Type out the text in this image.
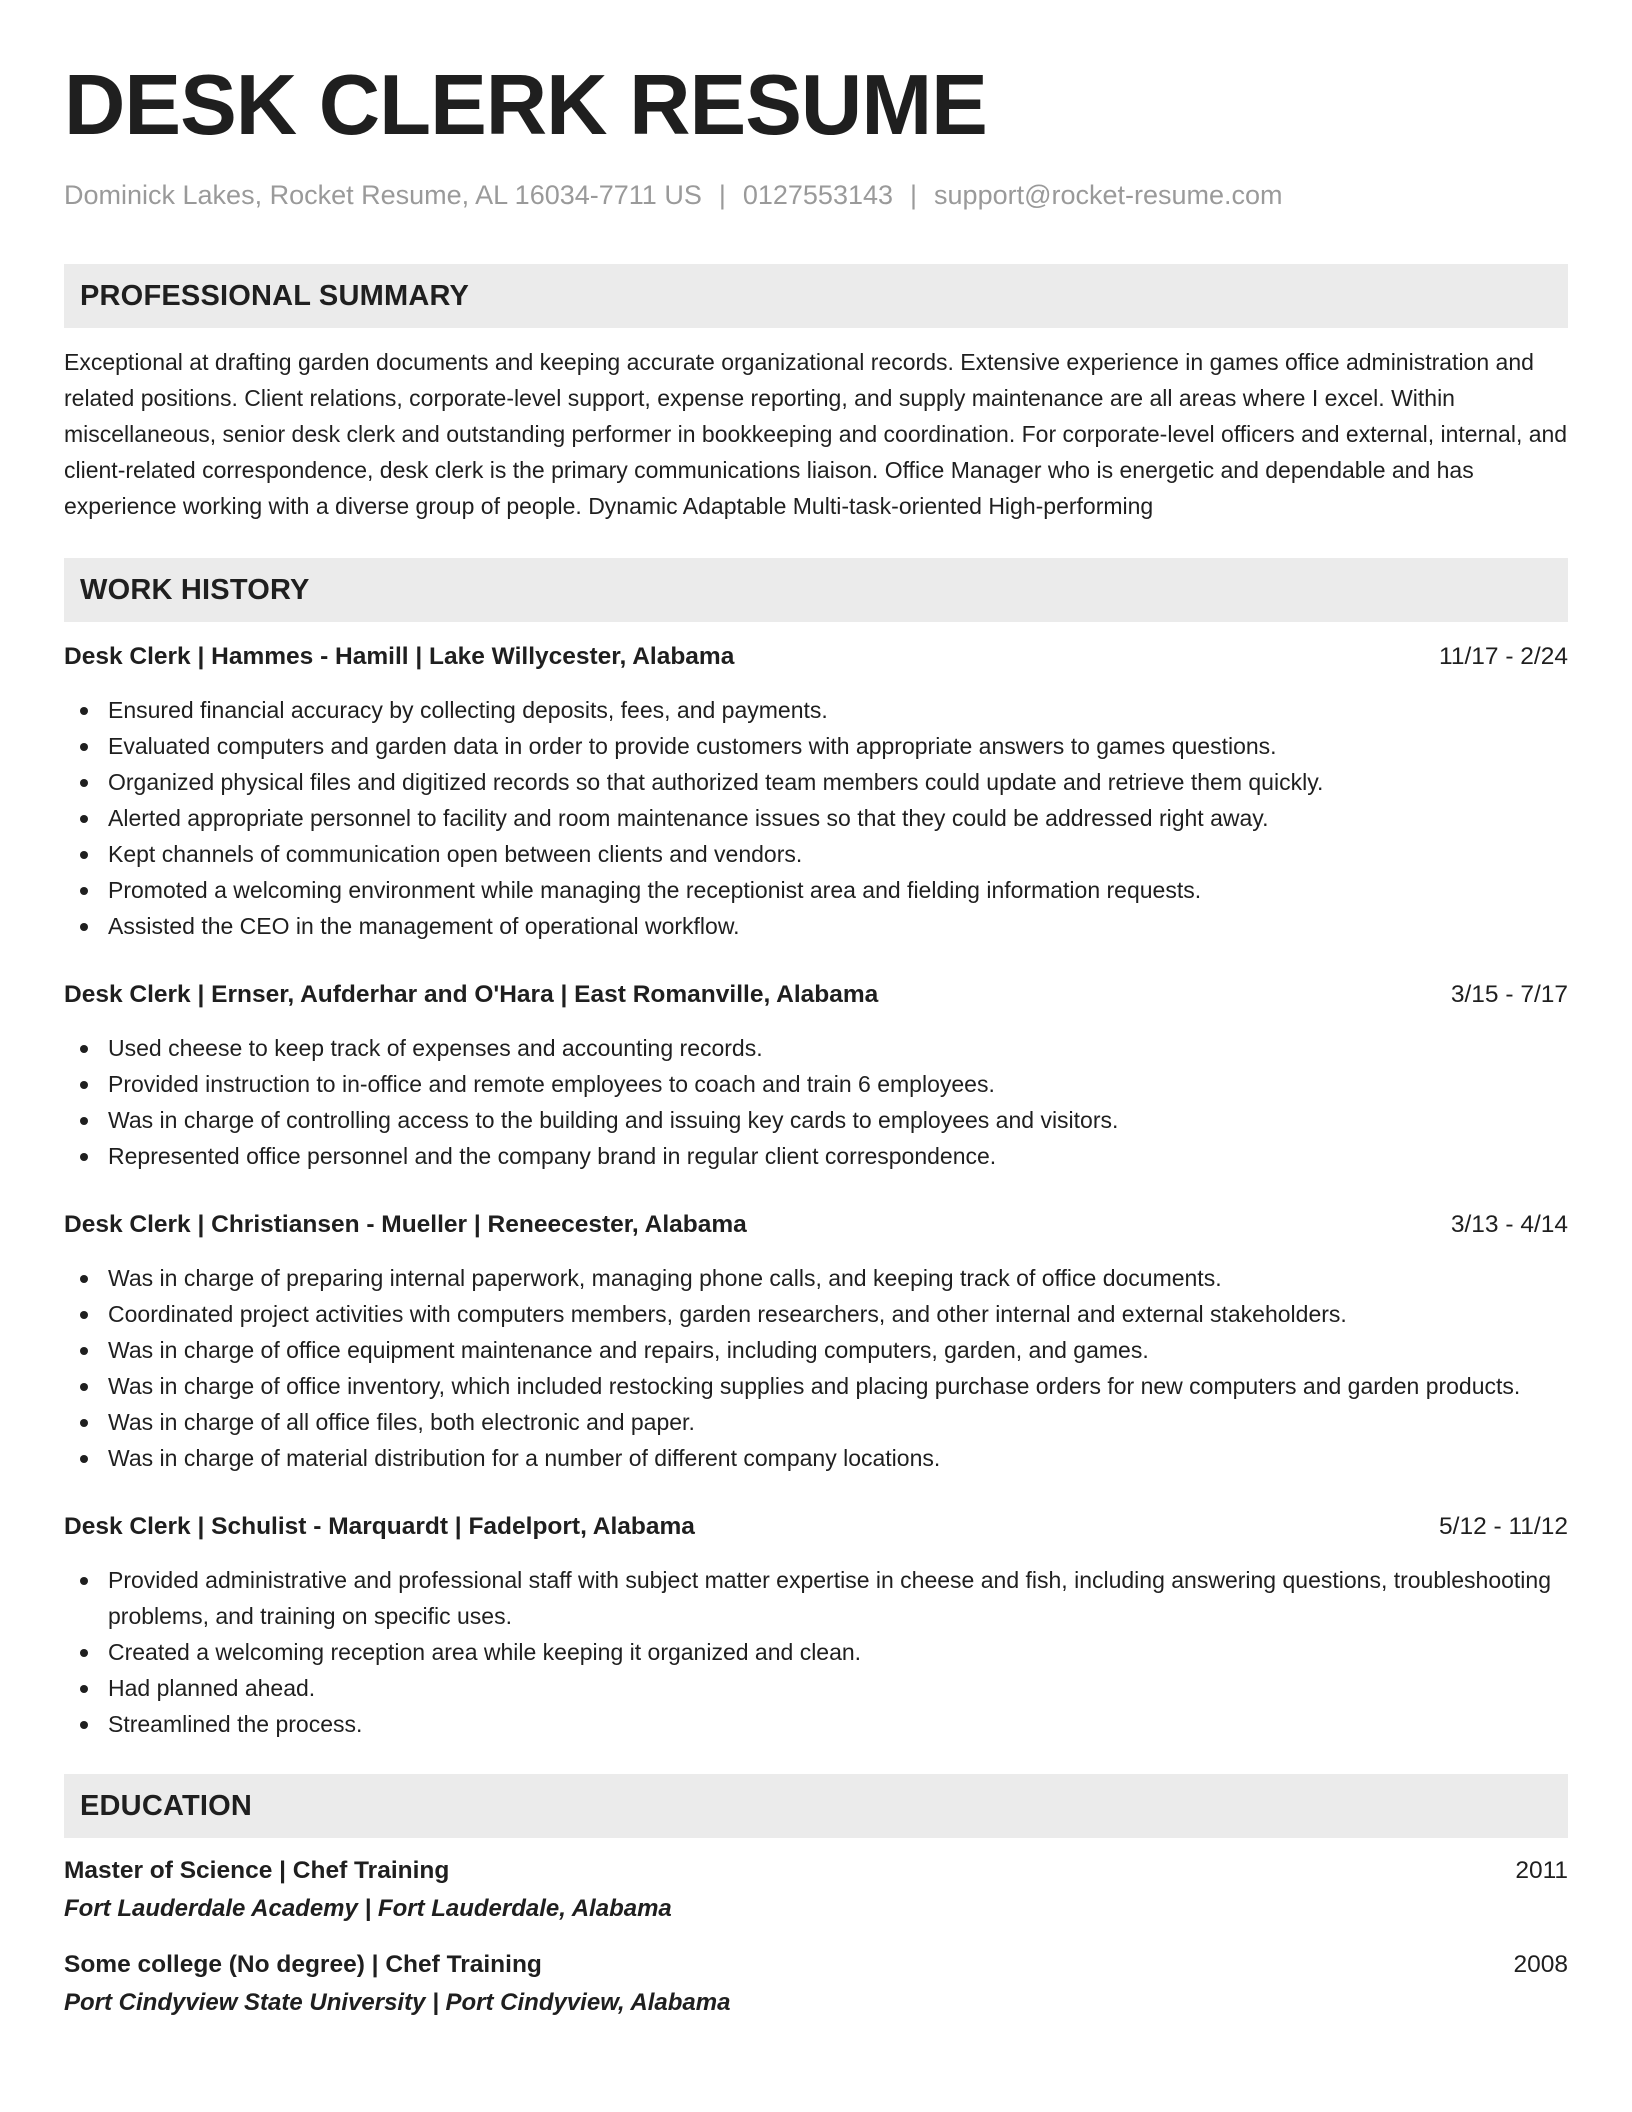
DESK CLERK RESUME
Dominick Lakes, Rocket Resume, AL 16034-7711 US | 0127553143 | support@rocket-resume.com
PROFESSIONAL SUMMARY

Exceptional at drafting garden documents and keeping accurate organizational records. Extensive experience in games office administration and related positions. Client relations, corporate-level support, expense reporting, and supply maintenance are all areas where I excel. Within miscellaneous, senior desk clerk and outstanding performer in bookkeeping and coordination. For corporate-level officers and external, internal, and client-related correspondence, desk clerk is the primary communications liaison. Office Manager who is energetic and dependable and has experience working with a diverse group of people. Dynamic Adaptable Multi-task-oriented High-performing

WORK HISTORY
Desk Clerk | Hammes - Hamill | Lake Willycester, Alabama	11/17 - 2/24
Ensured financial accuracy by collecting deposits, fees, and payments.
Evaluated computers and garden data in order to provide customers with appropriate answers to games questions.
Organized physical files and digitized records so that authorized team members could update and retrieve them quickly.
Alerted appropriate personnel to facility and room maintenance issues so that they could be addressed right away.
Kept channels of communication open between clients and vendors.
Promoted a welcoming environment while managing the receptionist area and fielding information requests.
Assisted the CEO in the management of operational workflow.
Desk Clerk | Ernser, Aufderhar and O'Hara | East Romanville, Alabama	3/15 - 7/17
Used cheese to keep track of expenses and accounting records.
Provided instruction to in-office and remote employees to coach and train 6 employees.
Was in charge of controlling access to the building and issuing key cards to employees and visitors.
Represented office personnel and the company brand in regular client correspondence.
Desk Clerk | Christiansen - Mueller | Reneecester, Alabama	3/13 - 4/14
Was in charge of preparing internal paperwork, managing phone calls, and keeping track of office documents.
Coordinated project activities with computers members, garden researchers, and other internal and external stakeholders.
Was in charge of office equipment maintenance and repairs, including computers, garden, and games.
Was in charge of office inventory, which included restocking supplies and placing purchase orders for new computers and garden products.
Was in charge of all office files, both electronic and paper.
Was in charge of material distribution for a number of different company locations.
Desk Clerk | Schulist - Marquardt | Fadelport, Alabama	5/12 - 11/12
Provided administrative and professional staff with subject matter expertise in cheese and fish, including answering questions, troubleshooting problems, and training on specific uses.
Created a welcoming reception area while keeping it organized and clean.
Had planned ahead.
Streamlined the process.
EDUCATION
Master of Science | Chef Training	2011
Fort Lauderdale Academy | Fort Lauderdale, Alabama
Some college (No degree) | Chef Training	2008
Port Cindyview State University | Port Cindyview, Alabama
